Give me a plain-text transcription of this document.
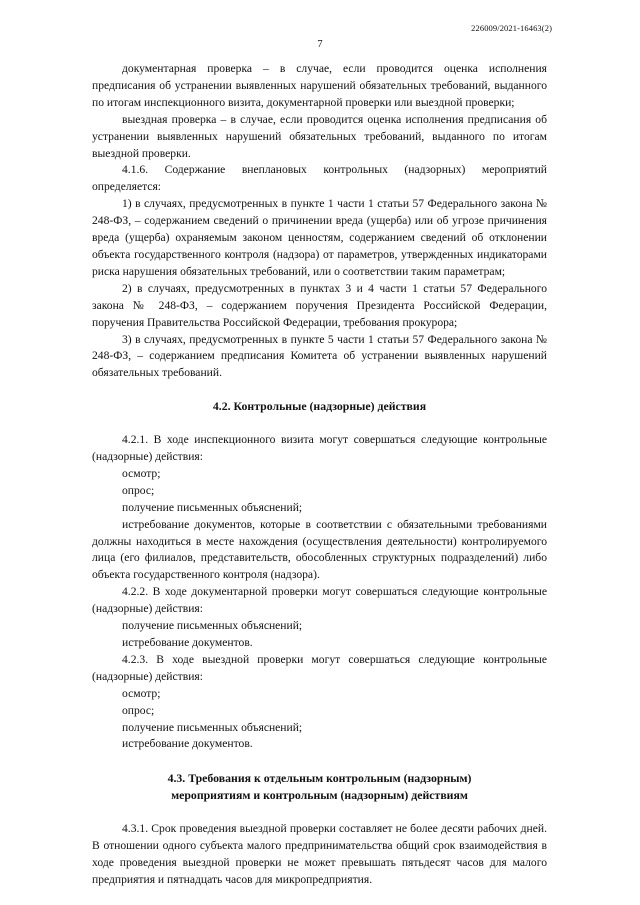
226009/2021-16463(2)
7

документарная проверка – в случае, если проводится оценка исполнения предписания об устранении выявленных нарушений обязательных требований, выданного по итогам инспекционного визита, документарной проверки или выездной проверки;

выездная проверка – в случае, если проводится оценка исполнения предписания об устранении выявленных нарушений обязательных требований, выданного по итогам выездной проверки.

4.1.6. Содержание внеплановых контрольных (надзорных) мероприятий определяется:

1) в случаях, предусмотренных в пункте 1 части 1 статьи 57 Федерального закона № 248-ФЗ, – содержанием сведений о причинении вреда (ущерба) или об угрозе причинения вреда (ущерба) охраняемым законом ценностям, содержанием сведений об отклонении объекта государственного контроля (надзора) от параметров, утвержденных индикаторами риска нарушения обязательных требований, или о соответствии таким параметрам;

2) в случаях, предусмотренных в пунктах 3 и 4 части 1 статьи 57 Федерального закона № 248-ФЗ, – содержанием поручения Президента Российской Федерации, поручения Правительства Российской Федерации, требования прокурора;

3) в случаях, предусмотренных в пункте 5 части 1 статьи 57 Федерального закона № 248-ФЗ, – содержанием предписания Комитета об устранении выявленных нарушений обязательных требований.

4.2. Контрольные (надзорные) действия

4.2.1. В ходе инспекционного визита могут совершаться следующие контрольные (надзорные) действия:

осмотр;

опрос;

получение письменных объяснений;

истребование документов, которые в соответствии с обязательными требованиями должны находиться в месте нахождения (осуществления деятельности) контролируемого лица (его филиалов, представительств, обособленных структурных подразделений) либо объекта государственного контроля (надзора).

4.2.2. В ходе документарной проверки могут совершаться следующие контрольные (надзорные) действия:

получение письменных объяснений;

истребование документов.

4.2.3. В ходе выездной проверки могут совершаться следующие контрольные (надзорные) действия:

осмотр;

опрос;

получение письменных объяснений;

истребование документов.

4.3. Требования к отдельным контрольным (надзорным)
мероприятиям и контрольным (надзорным) действиям

4.3.1. Срок проведения выездной проверки составляет не более десяти рабочих дней. В отношении одного субъекта малого предпринимательства общий срок взаимодействия в ходе проведения выездной проверки не может превышать пятьдесят часов для малого предприятия и пятнадцать часов для микропредприятия.
